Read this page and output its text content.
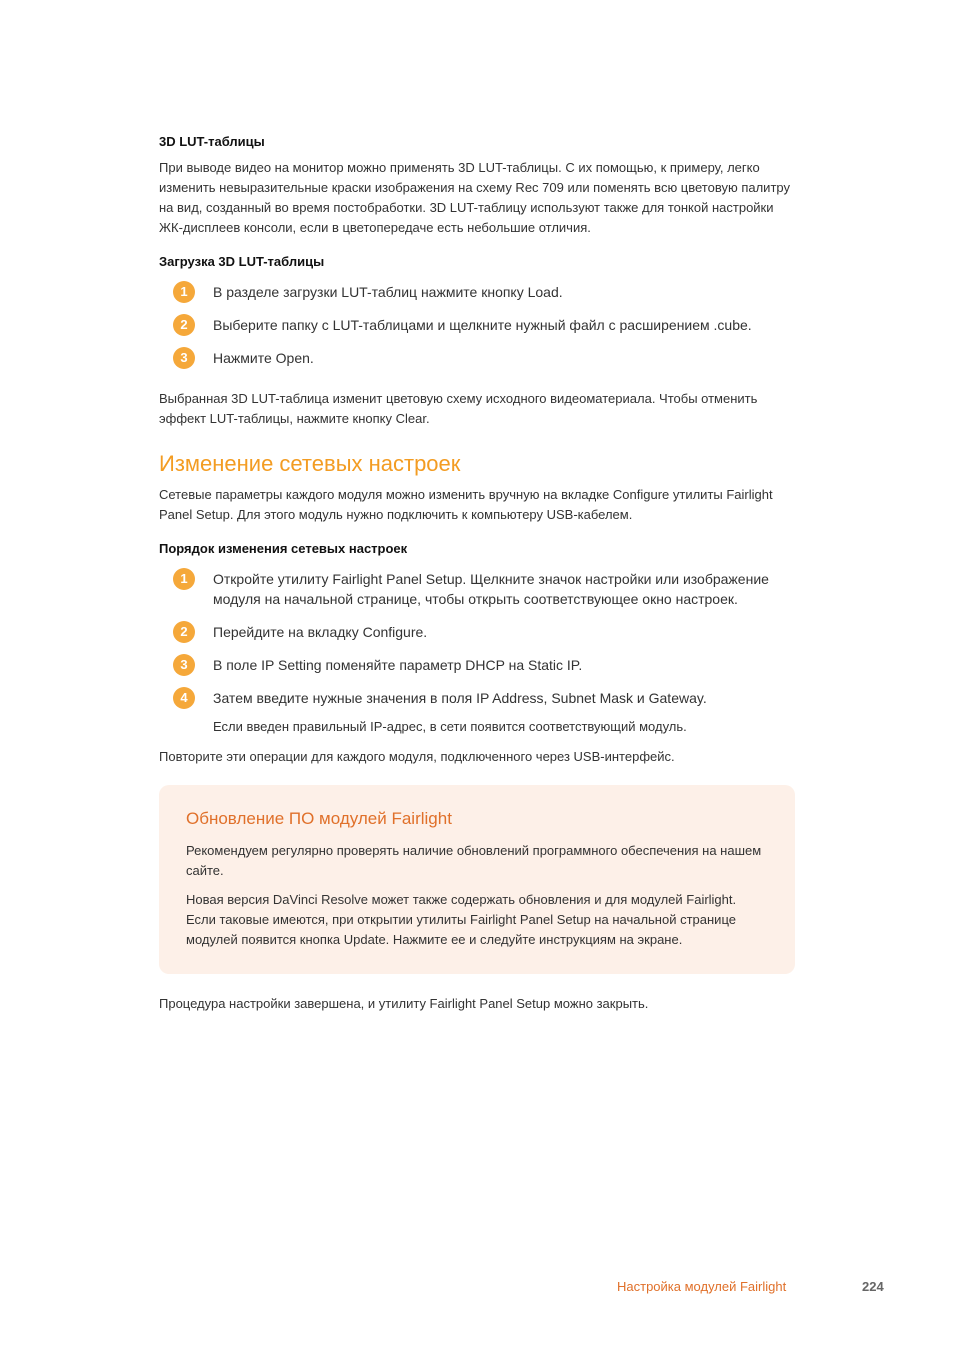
3D LUT-таблицы

При выводе видео на монитор можно применять 3D LUT-таблицы. С их помощью, к примеру, легко изменить невыразительные краски изображения на схему Rec 709 или поменять всю цветовую палитру на вид, созданный во время постобработки. 3D LUT-таблицу используют также для тонкой настройки ЖК-дисплеев консоли, если в цветопередаче есть небольшие отличия.

Загрузка 3D LUT-таблицы

1	В разделе загрузки LUT-таблиц нажмите кнопку Load.
2	Выберите папку с LUT-таблицами и щелкните нужный файл с расширением .cube.
3	Нажмите Open.

Выбранная 3D LUT-таблица изменит цветовую схему исходного видеоматериала. Чтобы отменить эффект LUT-таблицы, нажмите кнопку Clear.

Изменение сетевых настроек

Сетевые параметры каждого модуля можно изменить вручную на вкладке Configure утилиты Fairlight Panel Setup. Для этого модуль нужно подключить к компьютеру USB-кабелем.

Порядок изменения сетевых настроек

1	Откройте утилиту Fairlight Panel Setup. Щелкните значок настройки или изображение модуля на начальной странице, чтобы открыть соответствующее окно настроек.
2	Перейдите на вкладку Configure.
3	В поле IP Setting поменяйте параметр DHCP на Static IP.
4	Затем введите нужные значения в поля IP Address, Subnet Mask и Gateway.

Если введен правильный IP-адрес, в сети появится соответствующий модуль.

Повторите эти операции для каждого модуля, подключенного через USB-интерфейс.

Обновление ПО модулей Fairlight

Рекомендуем регулярно проверять наличие обновлений программного обеспечения на нашем сайте.

Новая версия DaVinci Resolve может также содержать обновления и для модулей Fairlight. Если таковые имеются, при открытии утилиты Fairlight Panel Setup на начальной странице модулей появится кнопка Update. Нажмите ее и следуйте инструкциям на экране.

Процедура настройки завершена, и утилиту Fairlight Panel Setup можно закрыть.

Настройка модулей Fairlight	224
